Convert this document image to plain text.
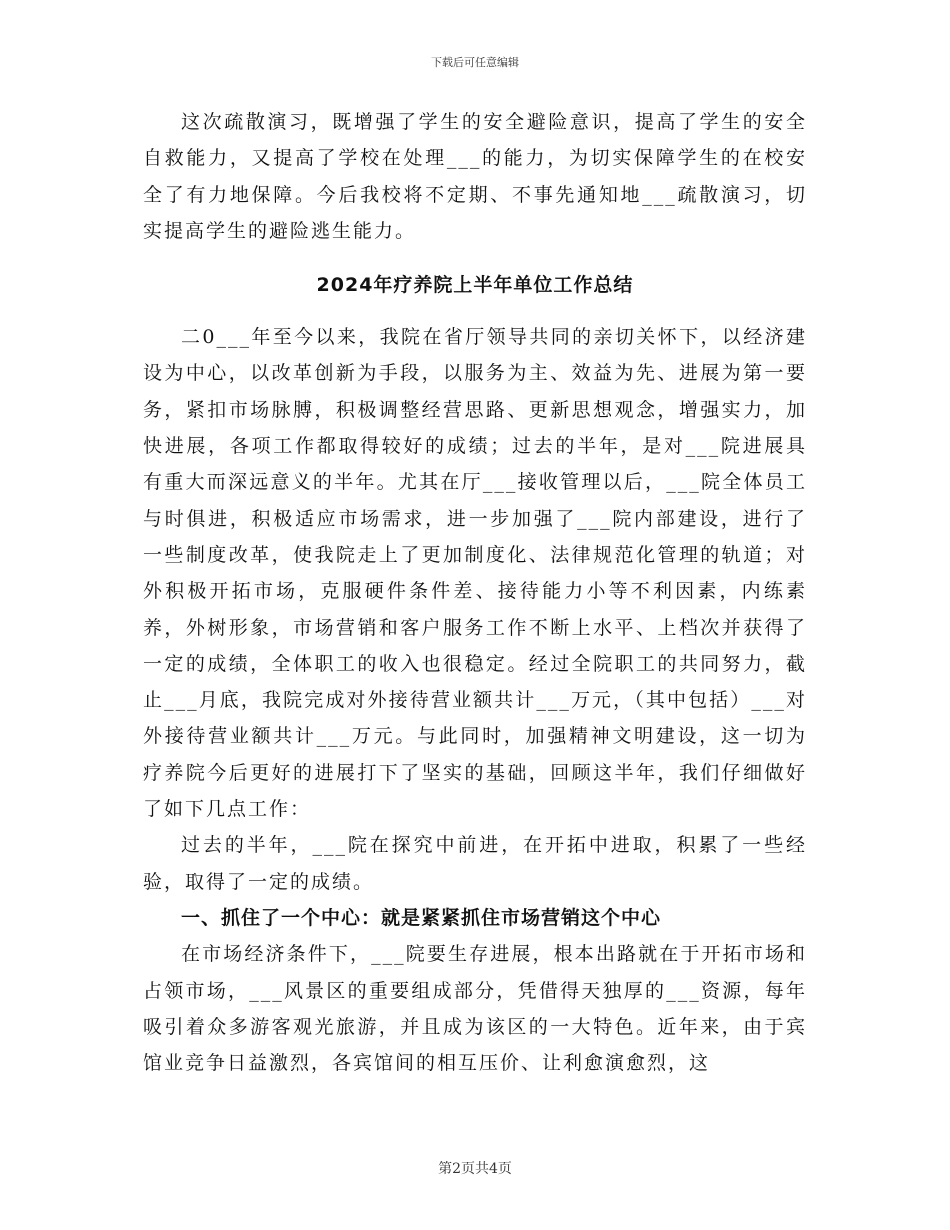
下载后可任意编辑

这次疏散演习，既增强了学生的安全避险意识，提高了学生的安全自救能力，又提高了学校在处理___的能力，为切实保障学生的在校安全了有力地保障。今后我校将不定期、不事先通知地___疏散演习，切实提高学生的避险逃生能力。

2024年疗养院上半年单位工作总结

二0___年至今以来，我院在省厅领导共同的亲切关怀下，以经济建设为中心，以改革创新为手段，以服务为主、效益为先、进展为第一要务，紧扣市场脉膊，积极调整经营思路、更新思想观念，增强实力，加快进展，各项工作都取得较好的成绩；过去的半年，是对___院进展具有重大而深远意义的半年。尤其在厅___接收管理以后，___院全体员工与时俱进，积极适应市场需求，进一步加强了___院内部建设，进行了一些制度改革，使我院走上了更加制度化、法律规范化管理的轨道；对外积极开拓市场，克服硬件条件差、接待能力小等不利因素，内练素养，外树形象，市场营销和客户服务工作不断上水平、上档次并获得了一定的成绩，全体职工的收入也很稳定。经过全院职工的共同努力，截止___月底，我院完成对外接待营业额共计___万元，（其中包括）___对外接待营业额共计___万元。与此同时，加强精神文明建设，这一切为疗养院今后更好的进展打下了坚实的基础，回顾这半年，我们仔细做好了如下几点工作：

过去的半年，___院在探究中前进，在开拓中进取，积累了一些经验，取得了一定的成绩。

一、抓住了一个中心：就是紧紧抓住市场营销这个中心

在市场经济条件下，___院要生存进展，根本出路就在于开拓市场和占领市场，___风景区的重要组成部分，凭借得天独厚的___资源，每年吸引着众多游客观光旅游，并且成为该区的一大特色。近年来，由于宾馆业竞争日益激烈，各宾馆间的相互压价、让利愈演愈烈，这

第2页共4页
